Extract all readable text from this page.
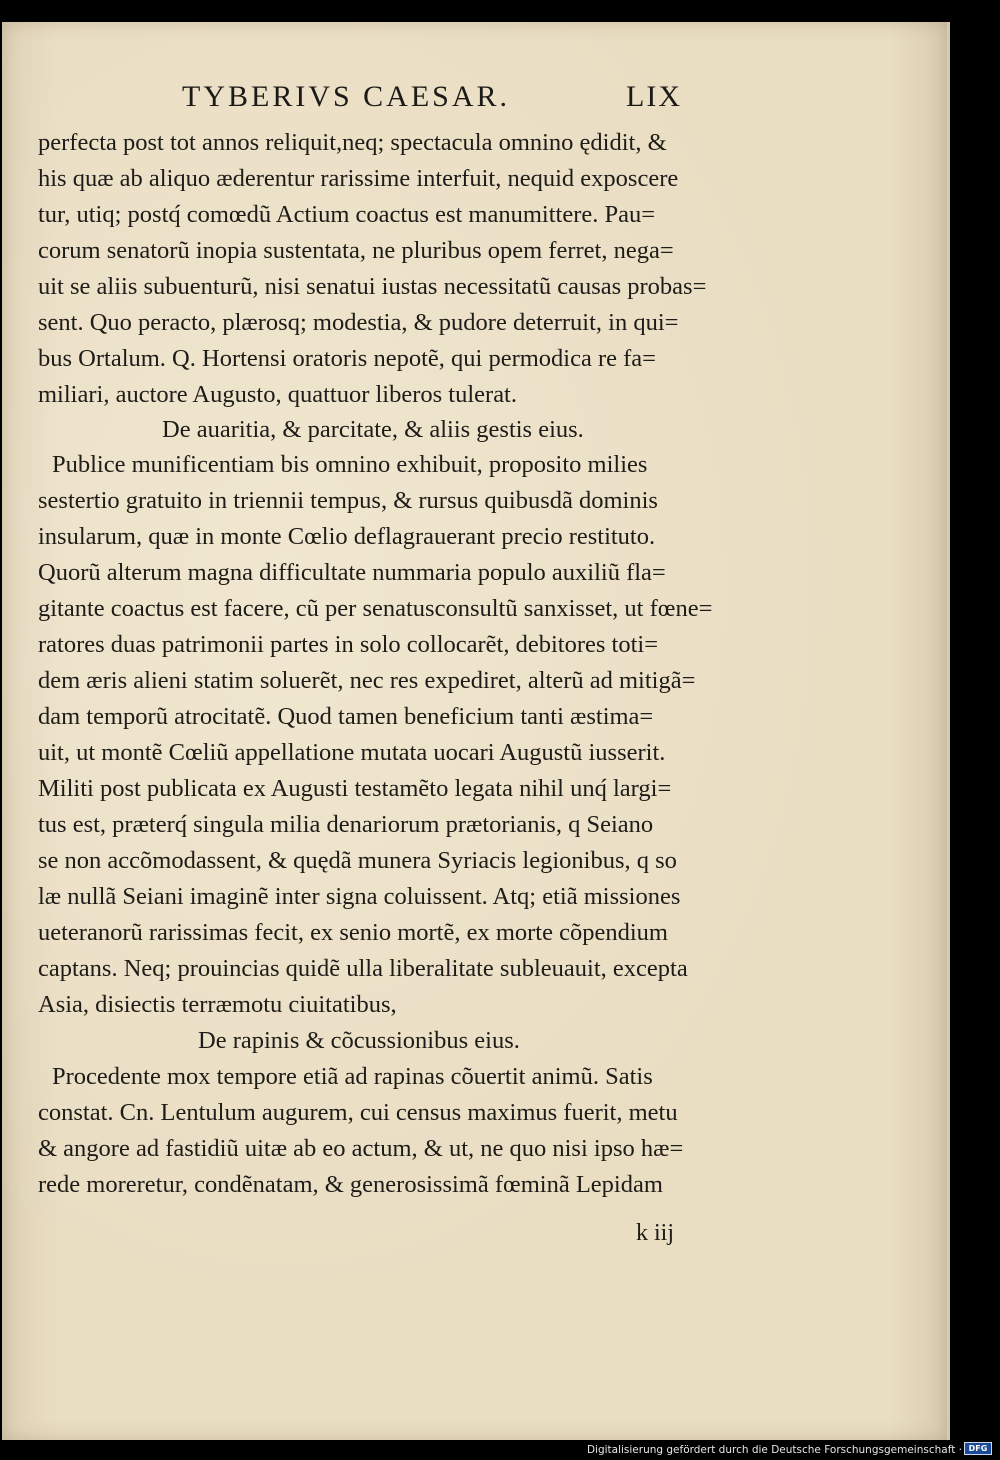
TYBERIVS CAESAR.	LIX
perfecta post tot annos reliquit,neq; spectacula omnino ędidit, &
his quæ ab aliquo æderentur rarissime interfuit, nequid exposcere
tur, utiq; postq́ comœdũ Actium coactus est manumittere. Pau=
corum senatorũ inopia sustentata, ne pluribus opem ferret, nega=
uit se aliis subuenturũ, nisi senatui iustas necessitatũ causas probas=
sent. Quo peracto, plærosq; modestia, & pudore deterruit, in qui=
bus Ortalum. Q. Hortensi oratoris nepotẽ, qui permodica re fa=
miliari, auctore Augusto, quattuor liberos tulerat.
De auaritia, & parcitate, & aliis gestis eius.
Publice munificentiam bis omnino exhibuit, proposito milies
sestertio gratuito in triennii tempus, & rursus quibusdã dominis
insularum, quæ in monte Cœlio deflagrauerant precio restituto.
Quorũ alterum magna difficultate nummaria populo auxiliũ fla=
gitante coactus est facere, cũ per senatusconsultũ sanxisset, ut fœne=
ratores duas patrimonii partes in solo collocarẽt, debitores toti=
dem æris alieni statim soluerẽt, nec res expediret, alterũ ad mitigã=
dam temporũ atrocitatẽ. Quod tamen beneficium tanti æstima=
uit, ut montẽ Cœliũ appellatione mutata uocari Augustũ iusserit.
Militi post publicata ex Augusti testamẽto legata nihil unq́ largi=
tus est, præterq́ singula milia denariorum prætorianis, q Seiano
se non accõmodassent, & quędã munera Syriacis legionibus, q so
læ nullã Seiani imaginẽ inter signa coluissent. Atq; etiã missiones
ueteranorũ rarissimas fecit, ex senio mortẽ, ex morte cõpendium
captans. Neq; prouincias quidẽ ulla liberalitate subleuauit, excepta
Asia, disiectis terræmotu ciuitatibus,
De rapinis & cõcussionibus eius.
Procedente mox tempore etiã ad rapinas cõuertit animũ. Satis
constat. Cn. Lentulum augurem, cui census maximus fuerit, metu
& angore ad fastidiũ uitæ ab eo actum, & ut, ne quo nisi ipso hæ=
rede moreretur, condẽnatam, & generosissimã fœminã Lepidam
k iij
Digitalisierung gefördert durch die Deutsche Forschungsgemeinschaft · DFG
